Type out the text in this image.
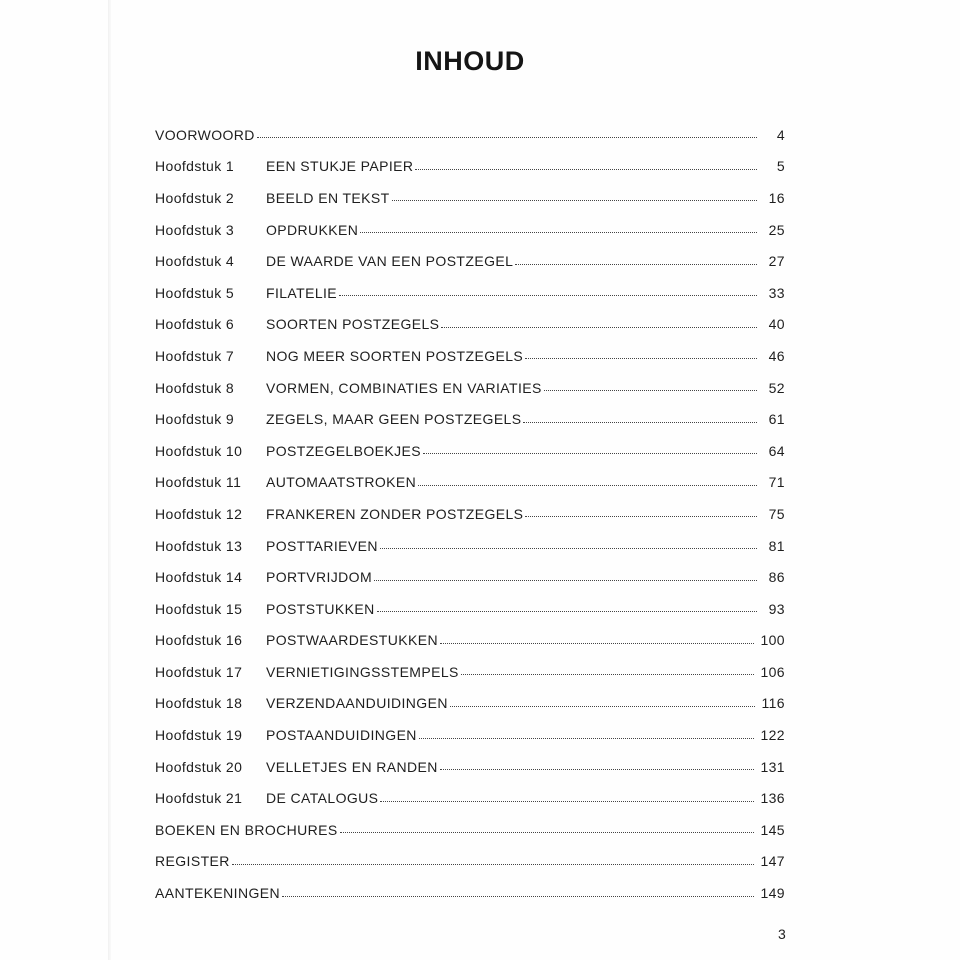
INHOUD
VOORWOORD	4
Hoofdstuk 1	EEN STUKJE PAPIER	5
Hoofdstuk 2	BEELD EN TEKST	16
Hoofdstuk 3	OPDRUKKEN	25
Hoofdstuk 4	DE WAARDE VAN EEN POSTZEGEL	27
Hoofdstuk 5	FILATELIE	33
Hoofdstuk 6	SOORTEN POSTZEGELS	40
Hoofdstuk 7	NOG MEER SOORTEN POSTZEGELS	46
Hoofdstuk 8	VORMEN, COMBINATIES EN VARIATIES	52
Hoofdstuk 9	ZEGELS, MAAR GEEN POSTZEGELS	61
Hoofdstuk 10	POSTZEGELBOEKJES	64
Hoofdstuk 11	AUTOMAATSTROKEN	71
Hoofdstuk 12	FRANKEREN ZONDER POSTZEGELS	75
Hoofdstuk 13	POSTTARIEVEN	81
Hoofdstuk 14	PORTVRIJDOM	86
Hoofdstuk 15	POSTSTUKKEN	93
Hoofdstuk 16	POSTWAARDESTUKKEN	100
Hoofdstuk 17	VERNIETIGINGSSTEMPELS	106
Hoofdstuk 18	VERZENDAANDUIDINGEN	116
Hoofdstuk 19	POSTAANDUIDINGEN	122
Hoofdstuk 20	VELLETJES EN RANDEN	131
Hoofdstuk 21	DE CATALOGUS	136
BOEKEN EN BROCHURES	145
REGISTER	147
AANTEKENINGEN	149
3
